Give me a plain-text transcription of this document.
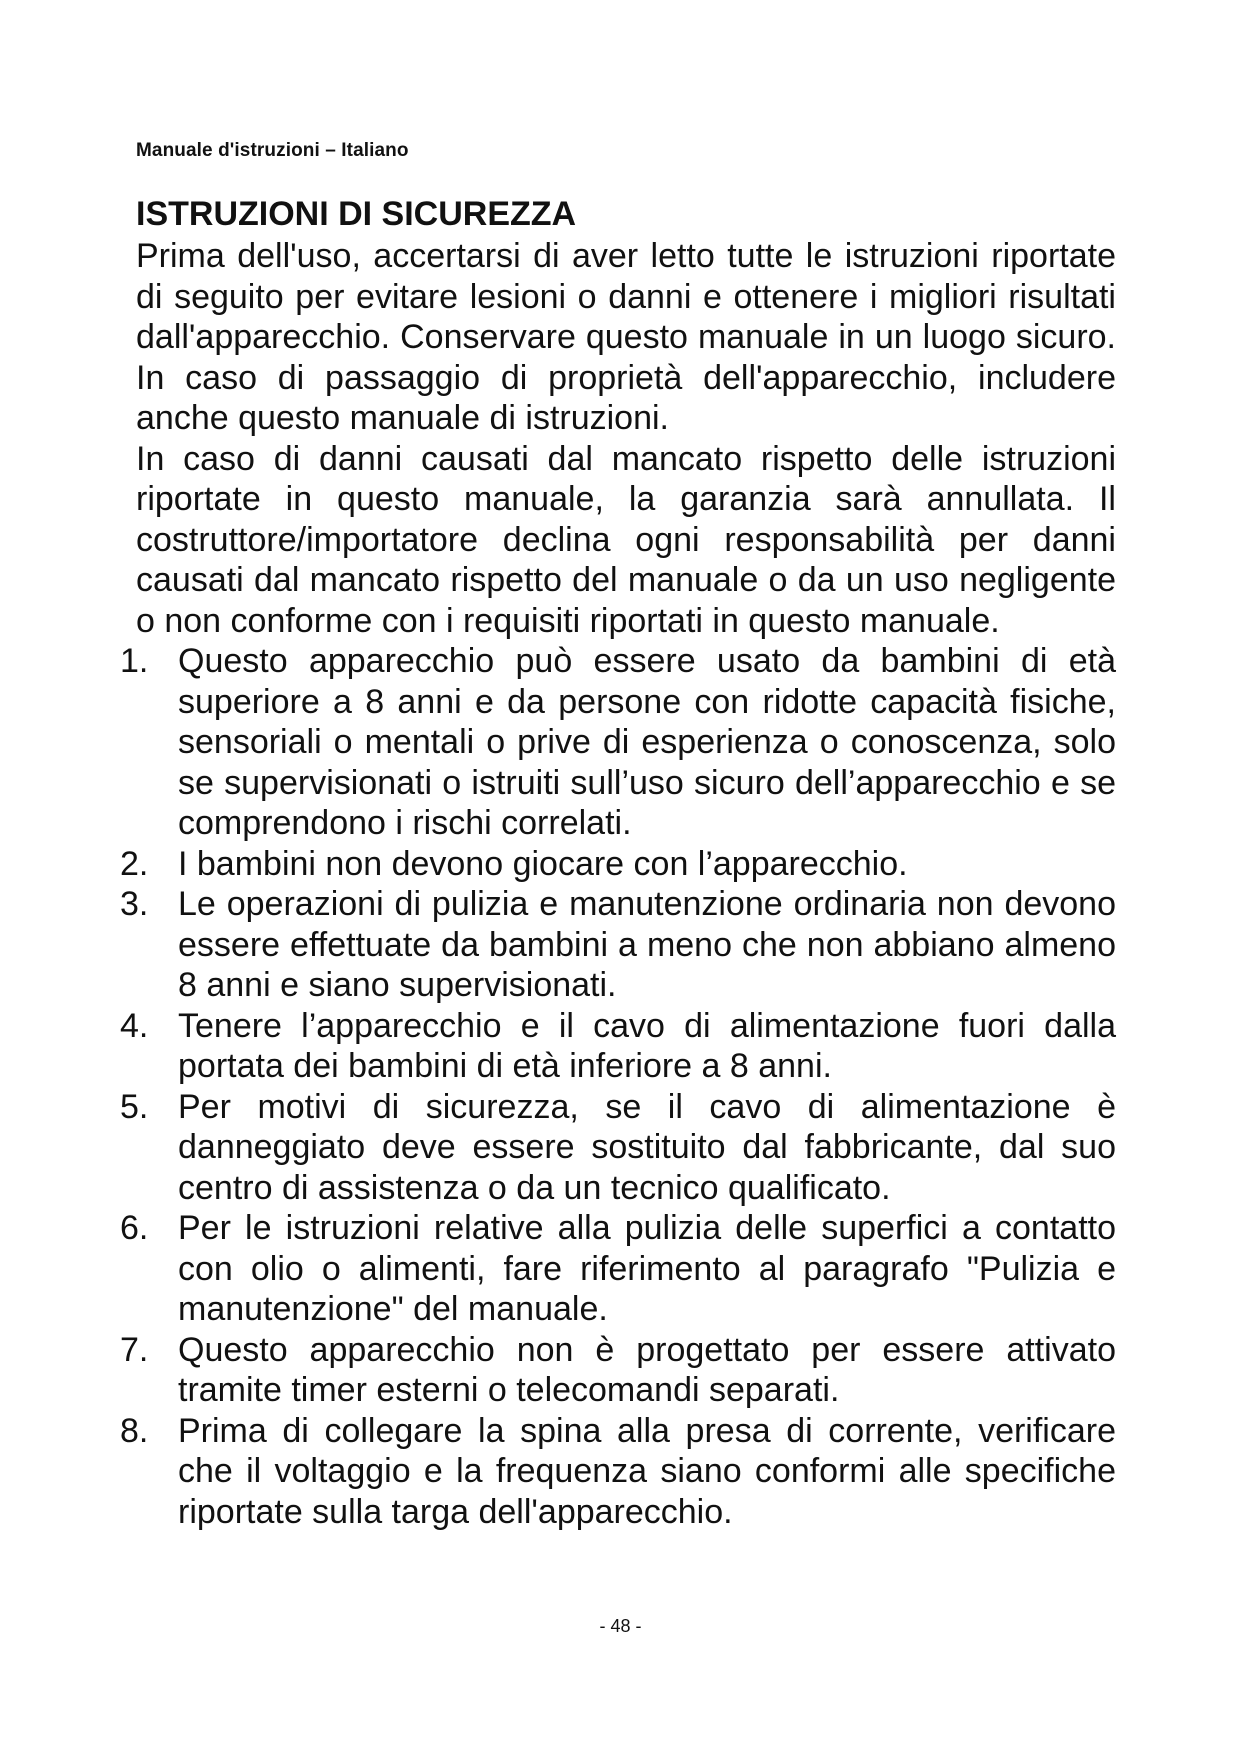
Manuale d'istruzioni – Italiano
ISTRUZIONI DI SICUREZZA

Prima dell'uso, accertarsi di aver letto tutte le istruzioni riportate di seguito per evitare lesioni o danni e ottenere i migliori risultati dall'apparecchio. Conservare questo manuale in un luogo sicuro. In caso di passaggio di proprietà dell'apparecchio, includere anche questo manuale di istruzioni.

In caso di danni causati dal mancato rispetto delle istruzioni riportate in questo manuale, la garanzia sarà annullata. Il costruttore/importatore declina ogni responsabilità per danni causati dal mancato rispetto del manuale o da un uso negligente o non conforme con i requisiti riportati in questo manuale.

1. Questo apparecchio può essere usato da bambini di età superiore a 8 anni e da persone con ridotte capacità fisiche, sensoriali o mentali o prive di esperienza o conoscenza, solo se supervisionati o istruiti sull’uso sicuro dell’apparecchio e se comprendono i rischi correlati.
2. I bambini non devono giocare con l’apparecchio.
3. Le operazioni di pulizia e manutenzione ordinaria non devono essere effettuate da bambini a meno che non abbiano almeno 8 anni e siano supervisionati.
4. Tenere l’apparecchio e il cavo di alimentazione fuori dalla portata dei bambini di età inferiore a 8 anni.
5. Per motivi di sicurezza, se il cavo di alimentazione è danneggiato deve essere sostituito dal fabbricante, dal suo centro di assistenza o da un tecnico qualificato.
6. Per le istruzioni relative alla pulizia delle superfici a contatto con olio o alimenti, fare riferimento al paragrafo "Pulizia e manutenzione" del manuale.
7. Questo apparecchio non è progettato per essere attivato tramite timer esterni o telecomandi separati.
8. Prima di collegare la spina alla presa di corrente, verificare che il voltaggio e la frequenza siano conformi alle specifiche riportate sulla targa dell'apparecchio.
- 48 -
